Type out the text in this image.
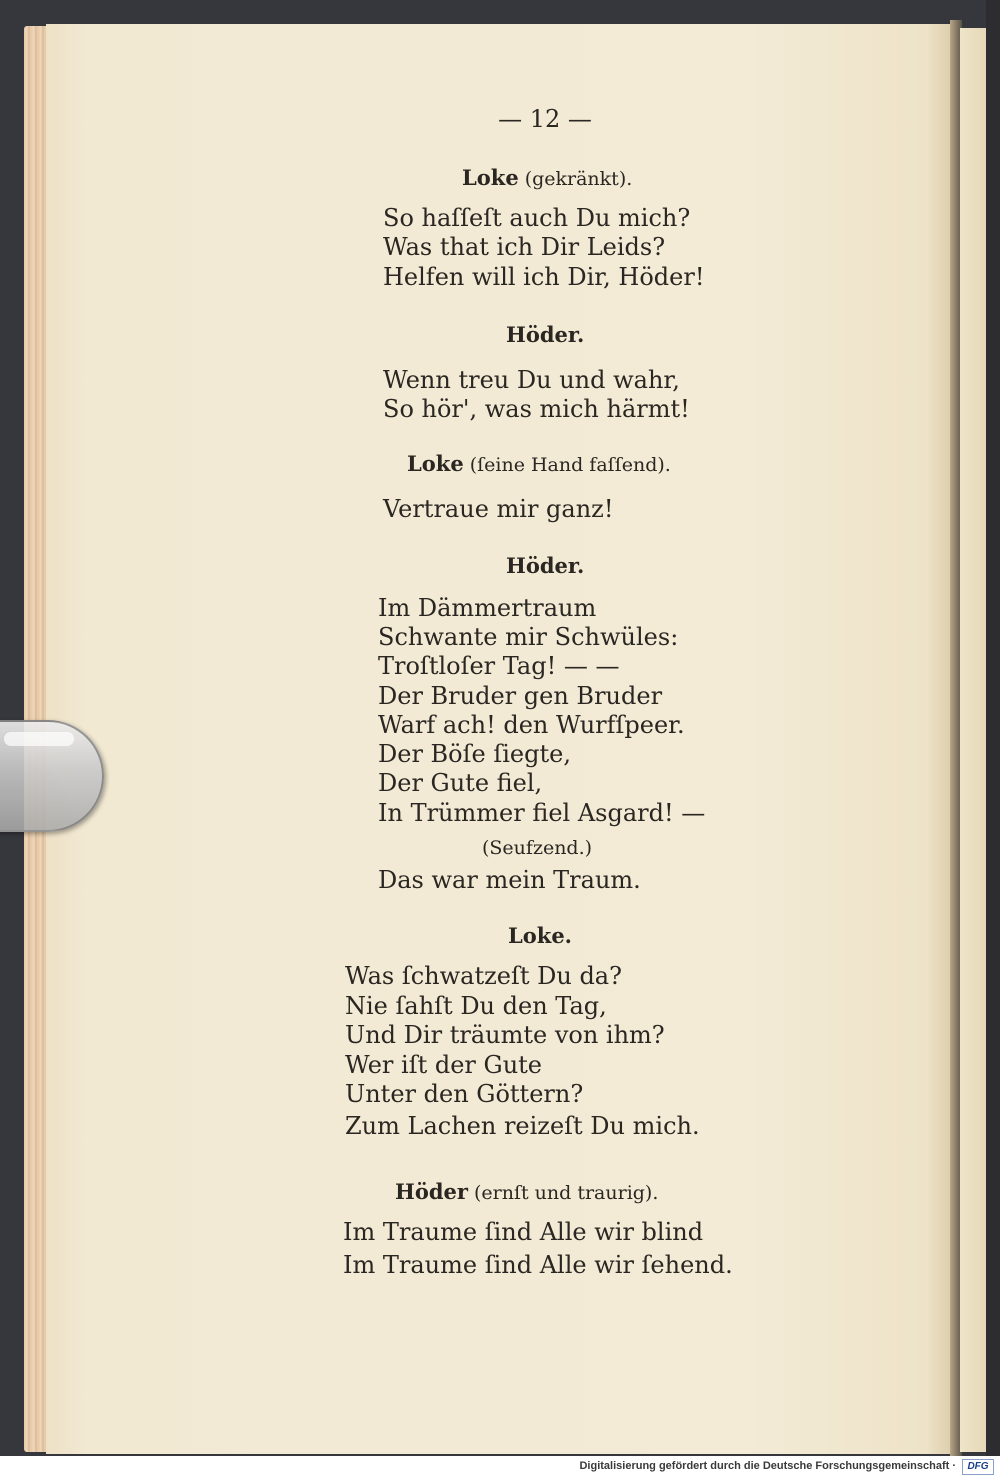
— 12 —
Loke (gekränkt).
So haſſeſt auch Du mich?
Was that ich Dir Leids?
Helfen will ich Dir, Höder!
Höder.
Wenn treu Du und wahr,
So hör', was mich härmt!
Loke (ſeine Hand faſſend).
Vertraue mir ganz!
Höder.
Im Dämmertraum
Schwante mir Schwüles:
Troſtloſer Tag! — —
Der Bruder gen Bruder
Warf ach! den Wurfſpeer.
Der Böſe ſiegte,
Der Gute fiel,
In Trümmer fiel Asgard! —
(Seufzend.)
Das war mein Traum.
Loke.
Was ſchwatzeſt Du da?
Nie ſahſt Du den Tag,
Und Dir träumte von ihm?
Wer iſt der Gute
Unter den Göttern?
Zum Lachen reizeſt Du mich.
Höder (ernſt und traurig).
Im Traume ſind Alle wir blind
Im Traume ſind Alle wir ſehend.
Digitalisierung gefördert durch die Deutsche Forschungsgemeinschaft ·	DFG
